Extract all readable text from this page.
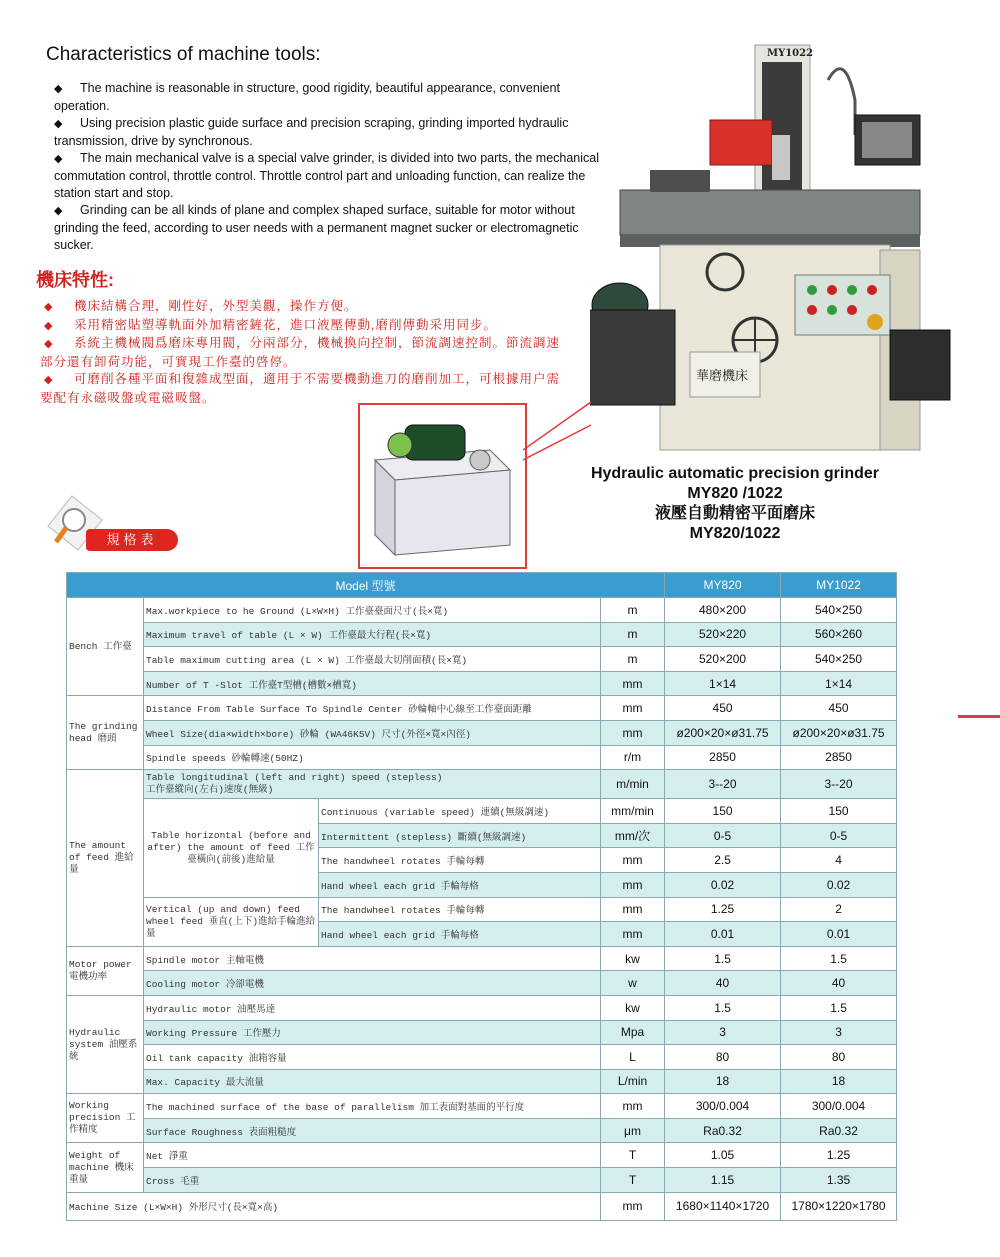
Characteristics of machine tools:

◆ The machine is reasonable in structure, good rigidity, beautiful appearance, convenient operation.

◆ Using precision plastic guide surface and precision scraping, grinding imported hydraulic transmission, drive by synchronous.

◆ The main mechanical valve is a special valve grinder, is divided into two parts, the mechanical commutation control, throttle control. Throttle control part and unloading function, can realize the station start and stop.

◆ Grinding can be all kinds of plane and complex shaped surface, suitable for motor without grinding the feed, according to user needs with a permanent magnet sucker or electromagnetic sucker.

機床特性:

◆ 機床結構合理，剛性好，外型美觀，操作方便。

◆ 采用精密貼塑導軌面外加精密鏟花，進口液壓傳動,磨削傳動采用同步。

◆ 系統主機械閥爲磨床專用閥，分兩部分，機械換向控制，節流調速控制。節流調速部分還有卸荷功能，可實現工作臺的啓停。

◆ 可磨削各種平面和復雜成型面，適用于不需要機動進刀的磨削加工，可根據用户需要配有永磁吸盤或電磁吸盤。

MY1022
華磨機床
Hydraulic automatic precision grinder
MY820 /1022
液壓自動精密平面磨床
MY820/1022
規格表
Model 型號				MY820	MY1022
Bench 工作臺	Max.workpiece to he Ground (L×W×H) 工作臺臺面尺寸(長×寬)		m	480×200	540×250
	Maximum travel of table (L × W) 工作臺最大行程(長×寬)		m	520×220	560×260
	Table maximum cutting area (L × W) 工作臺最大切削面積(長×寬)		m	520×200	540×250
	Number of T -Slot 工作臺T型槽(槽數×槽寬)		mm	1×14	1×14
The grinding head 磨頭	Distance From Table Surface To Spindle Center 砂輪軸中心線至工作臺面距離		mm	450	450
	Wheel Size(dia×width×bore) 砂輪 (WA46K5V) 尺寸(外徑×寬×內徑)		mm	ø200×20×ø31.75	ø200×20×ø31.75
	Spindle speeds 砂輪轉速(50HZ)		r/m	2850	2850
The amount of feed 進給量	Table longitudinal (left and right) speed (stepless)
工作臺縱向(左右)速度(無級)		m/min	3--20	3--20
	Table horizontal (before and after) the amount of feed 工作臺橫向(前後)進給量	Continuous (variable speed) 連續(無級調速)	mm/min	150	150
		Intermittent (stepless) 斷續(無級調速)	mm/次	0-5	0-5
		The handwheel rotates 手輪每轉	mm	2.5	4
		Hand wheel each grid 手輪每格	mm	0.02	0.02
	Vertical (up and down) feed wheel feed 垂直(上下)進給手輪進給量	The handwheel rotates 手輪每轉	mm	1.25	2
		Hand wheel each grid 手輪每格	mm	0.01	0.01
Motor power 電機功率	Spindle motor 主軸電機		kw	1.5	1.5
	Cooling motor 冷卻電機		w	40	40
Hydraulic system 油壓系統	Hydraulic motor 油壓馬達		kw	1.5	1.5
	Working Pressure 工作壓力		Mpa	3	3
	Oil tank capacity 油箱容量		L	80	80
	Max. Capacity 最大流量		L/min	18	18
Working precision 工作精度	The machined surface of the base of parallelism 加工表面對基面的平行度		mm	300/0.004	300/0.004
	Surface Roughness 表面粗糙度		μm	Ra0.32	Ra0.32
Weight of machine 機床重量	Net 淨重		T	1.05	1.25
	Cross 毛重		T	1.15	1.35
Machine Size (L×W×H) 外形尺寸(長×寬×高)			mm	1680×1140×1720	1780×1220×1780
